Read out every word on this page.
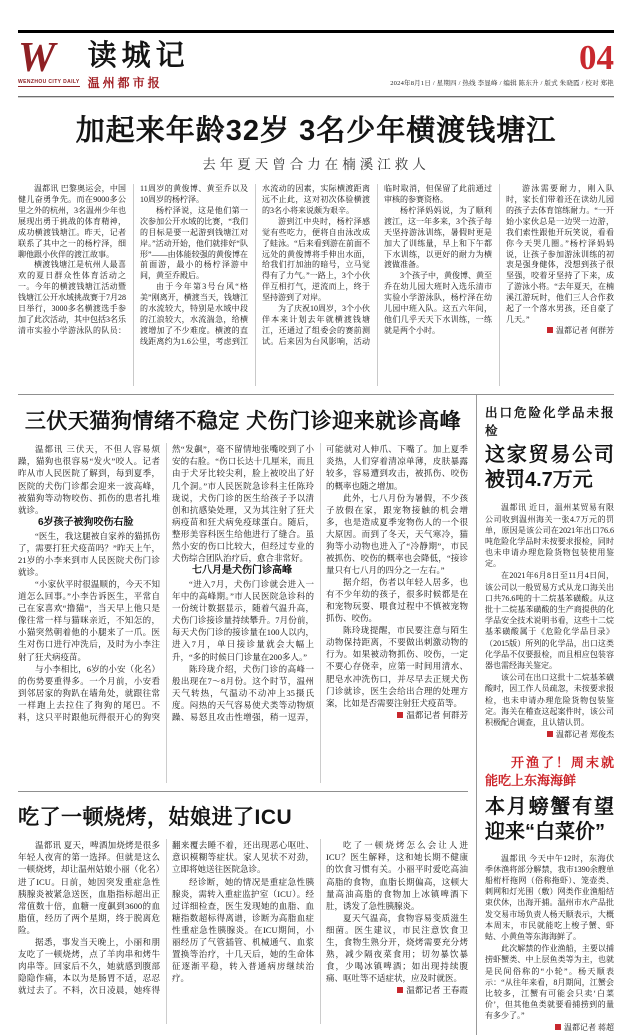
W
WENZHOU CITY DAILY
读城记
温州都市报
04
2024年8月1日 / 星期四 / 热线 李显峰 / 编辑 陈东升 / 版式 朱晓霞 / 校对 郑艳
加起来年龄32岁 3名少年横渡钱塘江
去年夏天曾合力在楠溪江救人

温都讯 巴黎奥运会，中国健儿奋勇争先。而在9000多公里之外的杭州，3名温州少年也展现出勇于挑战的体育精神，成功横渡钱塘江。昨天，记者联系了其中之一的杨柠泽，细聊他跟小伙伴的渡江故事。

横渡钱塘江是杭州人最喜欢的夏日群众性体育活动之一。今年的横渡钱塘江活动暨钱塘江公开水域挑战赛于7月28日举行，3000多名横渡选手参加了此次活动，其中包括3名乐清市实验小学游泳队的队员：11周岁的黄俊博、黄至乔以及10周岁的杨柠泽。

杨柠泽说，这是他们第一次参加公开水域的比赛，“我们的目标是要一起游到钱塘江对岸。”活动开始，他们就排好“队形”——由体能较强的黄俊博在前面游，最小的杨柠泽游中间，黄至乔殿后。

由于今年第3号台风“格美”刚离开，横渡当天，钱塘江的水流较大，特别是水域中段的江浪较大，水流湍急，给横渡增加了不少难度。横渡的直线距离约为1.6公里，考虑到江水流动的因素，实际横渡距离远不止此，这对初次体验横渡的3名小将来说颇为艰辛。

游到江中央时，杨柠泽感觉有些吃力，便将自由泳改成了蛙泳。“后来看到游在前面不远处的黄俊博将手伸出水面，给我们打加油的暗号，立马觉得有了力气。”一路上，3个小伙伴互相打气，逆流而上，终于坚持游到了对岸。

为了庆祝10周岁，3个小伙伴本来计划去年就横渡钱塘江，还通过了组委会的赛前测试。后来因为台风影响，活动临时取消，但保留了此前通过审核的参赛资格。

杨柠泽妈妈说，为了顺利渡江，这一年多来，3个孩子每天坚持游泳训练，暑假时更是加大了训练量，早上和下午都下水训练，以更好的耐力为横渡做准备。

3个孩子中，黄俊博、黄至乔在幼儿园大班时入选乐清市实验小学游泳队，杨柠泽在幼儿园中班入队。这五六年间，他们几乎天天下水训练，一练就是两个小时。

游泳需要耐力，刚入队时，家长们带着还在读幼儿园的孩子去体育馆练耐力。“一开始小家伙总是一边哭一边游，我们索性跟他开玩笑说，看看你今天哭几圈。”杨柠泽妈妈说，让孩子参加游泳训练的初衷是强身健体，没想到孩子很坚强，咬着牙坚持了下来，成了游泳小将。“去年夏天，在楠溪江游玩时，他们三人合作救起了一个落水男孩，还自豪了几天。”

温都记者 何群芳

三伏天猫狗情绪不稳定 犬伤门诊迎来就诊高峰

温都讯 三伏天，不但人容易烦躁，猫狗也很容易“发火”咬人。记者昨从市人民医院了解到，每到夏季，医院的犬伤门诊都会迎来一波高峰，被猫狗等动物咬伤、抓伤的患者扎堆就诊。

6岁孩子被狗咬伤右脸

“医生，我这腿被自家养的猫抓伤了，需要打狂犬疫苗吗？”昨天上午，21岁的小李来到市人民医院犬伤门诊就诊。

“小家伙平时很温顺的，今天不知道怎么回事。”小李告诉医生，平常自己在家喜欢“撸猫”，当天早上他只是像往常一样与猫咪亲近，不知怎的，小猫突然朝着他的小腿来了一爪。医生对伤口进行冲洗后，及时为小李注射了狂犬病疫苗。

与小李相比，6岁的小安（化名）的伤势要重得多。一个月前，小安看到邻居家的狗趴在墙角处，就跟往常一样跑上去拉住了狗狗的尾巴。不料，这只平时跟他玩得很开心的狗突然“发飙”，毫不留情地张嘴咬到了小安的右脸。“伤口长达十几厘米，而且由于犬牙比较尖利，脸上被咬出了好几个洞。”市人民医院急诊科主任陈玲珑说，犬伤门诊的医生给孩子予以清创和抗感染处理，又为其注射了狂犬病疫苗和狂犬病免疫球蛋白。随后，整形美容科医生给他进行了缝合。虽然小安的伤口比较大，但经过专业的犬伤综合团队治疗后，愈合非常好。

七八月是犬伤门诊高峰

“进入7月，犬伤门诊就会进入一年中的高峰期。”市人民医院急诊科的一份统计数据显示，随着气温升高，犬伤门诊接诊量持续攀升。7月份前，每天犬伤门诊的接诊量在100人以内，进入7月，单日接诊量就会大幅上升，“多的时候日门诊量在200多人。”

陈玲珑介绍，犬伤门诊的高峰一般出现在7～8月份。这个时节，温州天气转热，气温动不动冲上35摄氏度。闷热的天气容易使犬类等动物烦躁、易怒且攻击性增强，稍一逗弄，可能就对人伸爪、下嘴了。加上夏季炎热，人们穿着清凉单薄，皮肤暴露较多，容易遭到攻击，被抓伤、咬伤的概率也随之增加。

此外，七八月份为暑假，不少孩子放假在家，跟宠物接触的机会增多，也是造成夏季宠物伤人的一个很大原因。而到了冬天，天气寒冷，猫狗等小动物也进入了“冷静期”，市民被抓伤、咬伤的概率也会降低，“接诊量只有七八月的四分之一左右。”

据介绍，伤者以年轻人居多，也有不少年幼的孩子，很多时候都是在和宠物玩耍、喂食过程中不慎被宠物抓伤、咬伤。

陈玲珑提醒，市民要注意与陌生动物保持距离，不要做出刺激动物的行为。如果被动物抓伤、咬伤，一定不要心存侥幸，应第一时间用清水、肥皂水冲洗伤口，并尽早去正规犬伤门诊就诊，医生会给出合理的处理方案，比如是否需要注射狂犬疫苗等。

温都记者 何群芳

吃了一顿烧烤，姑娘进了ICU

温都讯 夏天，啤酒加烧烤是很多年轻人夜宵的第一选择。但就是这么一顿烧烤，却让温州姑娘小丽（化名）进了ICU。日前，她因突发重症急性胰腺炎被紧急送医，血脂指标超出正常值数十倍，血糖一度飙到3600的血脂值，经历了两个星期，终于脱离危险。

据悉，事发当天晚上，小丽和朋友吃了一顿烧烤，点了羊肉串和烤牛肉串等。回家后不久，她就感到腹部隐隐作痛，本以为是肠胃不适，忍忍就过去了。不料，次日凌晨，她疼得翻来覆去睡不着，还出现恶心呕吐、意识模糊等症状。家人见状不对劲，立即将她送往医院急诊。

经诊断，她的情况是重症急性胰腺炎，需转入重症监护室（ICU）。经过详细检查，医生发现她的血脂、血糖指数超标得离谱，诊断为高脂血症性重症急性胰腺炎。在ICU期间，小丽经历了气管插管、机械通气、血浆置换等治疗，十几天后，她的生命体征逐渐平稳，转入普通病房继续治疗。

吃了一顿烧烤怎么会让人进ICU？医生解释，这和她长期不健康的饮食习惯有关。小丽平时爱吃高油高脂的食物，血脂长期偏高，这顿大量高油高脂的食物加上冰镇啤酒下肚，诱发了急性胰腺炎。

夏天气温高，食物容易变质滋生细菌。医生建议，市民注意饮食卫生，食物生熟分开，烧烤需要充分烤熟，减少隔夜菜食用；切勿暴饮暴食，少喝冰镇啤酒；如出现持续腹痛、呕吐等不适症状，应及时就医。

温都记者 王春霞

出口危险化学品未报检
这家贸易公司被罚4.7万元

温都讯 近日，温州某贸易有限公司收到温州海关一张4.7万元的罚单，原因是该公司在2021年出口76.6吨危险化学品时未按要求报检，同时也未申请办理危险货物包装使用鉴定。

在2021年6月8日至11月4日间，该公司以一般贸易方式从龙口海关出口共76.6吨的十二烷基苯磺酸。从这批十二烷基苯磺酸的生产商提供的化学品安全技术说明书看，这些十二烷基苯磺酸属于《危险化学品目录》（2015版）所列的化学品，出口这类化学品不仅要报检，而且相应包装容器也需经海关鉴定。

该公司在出口这批十二烷基苯磺酸时，因工作人员疏忽，未按要求报检，也未申请办理危险货物包装鉴定。海关在稽查这起案件时，该公司积极配合调查，且认错认罚。

温都记者 郑俊杰

开渔了！周末就能吃上东海海鲜
本月螃蟹有望迎来“白菜价”

温都讯 今天中午12时，东海伏季休渔将部分解禁，我市1390余艘单船桁杆拖网（俗称拖虾）、笼壶类、刺网和灯光围（敷）网类作业渔船结束伏休，出海开捕。温州市水产品批发交易市场负责人杨天顺表示，大概本周末，市民就能吃上梭子蟹、虾蛄、小黄鱼等东海海鲜了。

此次解禁的作业渔船，主要以捕捞虾蟹类、中上层鱼类等为主，也就是民间俗称的“小轮”。杨天顺表示：“从往年来看，8月期间，江蟹会比较多，江蟹有可能会只卖‘白菜价’，但其他鱼类就要看捕捞到的量有多少了。”

温都记者 蒋超
